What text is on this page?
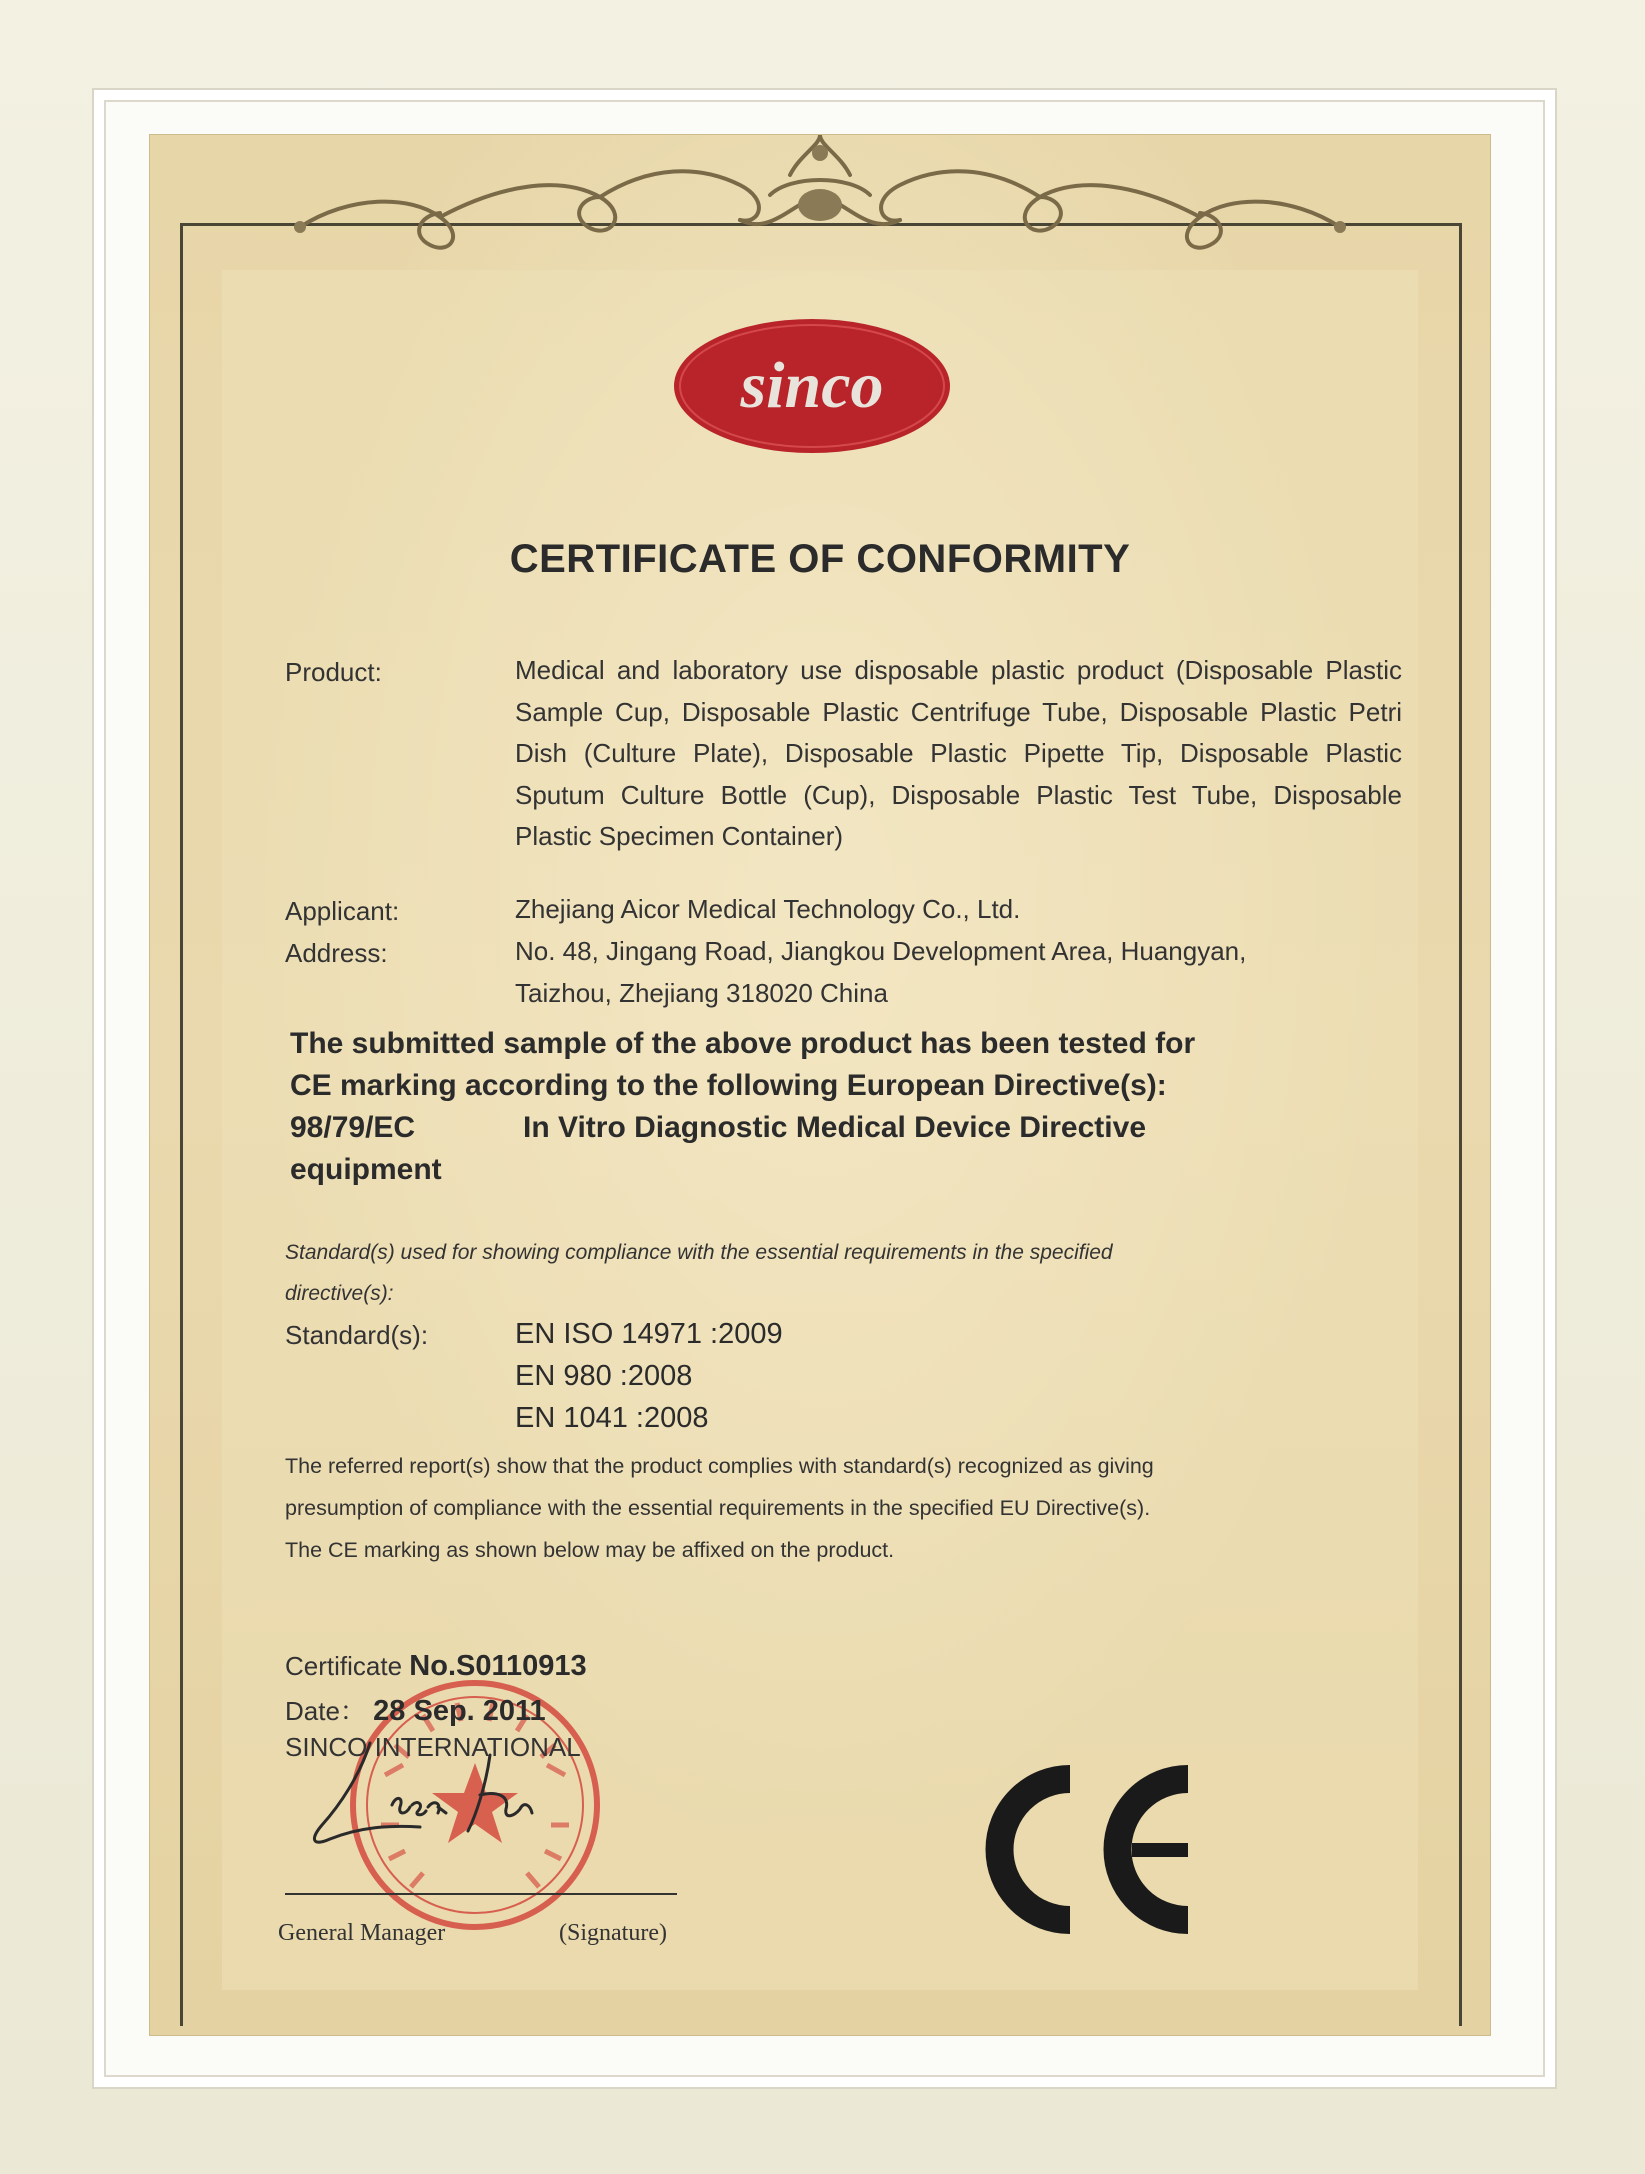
sinco
CERTIFICATE OF CONFORMITY
Product:	Medical and laboratory use disposable plastic product (Disposable Plastic Sample Cup, Disposable Plastic Centrifuge Tube, Disposable Plastic Petri Dish (Culture Plate), Disposable Plastic Pipette Tip, Disposable Plastic Sputum Culture Bottle (Cup), Disposable Plastic Test Tube, Disposable Plastic Specimen Container)
Applicant:	Zhejiang Aicor Medical Technology Co., Ltd.
Address:	No. 48, Jingang Road, Jiangkou Development Area, Huangyan,
Taizhou, Zhejiang 318020 China
The submitted sample of the above product has been tested for
CE marking according to the following European Directive(s):
98/79/EC	In Vitro Diagnostic Medical Device Directive
equipment
Standard(s) used for showing compliance with the essential requirements in the specified
directive(s):
Standard(s):	EN ISO 14971 :2009
EN 980 :2008
EN 1041 :2008
The referred report(s) show that the product complies with standard(s) recognized as giving
presumption of compliance with the essential requirements in the specified EU Directive(s).
The CE marking as shown below may be affixed on the product.
Certificate No.S0110913
Date： 28 Sep. 2011
SINCO INTERNATIONAL
General Manager	(Signature)
